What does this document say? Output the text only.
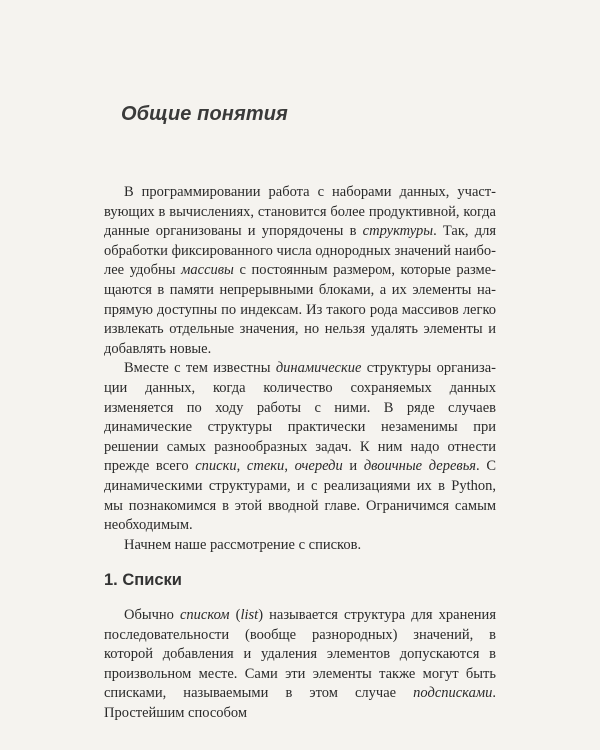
Общие понятия

В программировании работа с наборами данных, участвующих в вычислениях, становится более продуктивной, когда данные организованы и упорядочены в структуры. Так, для обработки фиксированного числа однородных значений наиболее удобны массивы с постоянным размером, которые размещаются в памяти непрерывными блоками, а их элементы напрямую доступны по индексам. Из такого рода массивов легко извлекать отдельные значения, но нельзя удалять элементы и добавлять новые.

Вместе с тем известны динамические структуры организации данных, когда количество сохраняемых данных изменяется по ходу работы с ними. В ряде случаев динамические структуры практически незаменимы при решении самых разнообразных задач. К ним надо отнести прежде всего списки, стеки, очереди и двоичные деревья. С динамическими структурами, и с реализациями их в Python, мы познакомимся в этой вводной главе. Ограничимся самым необходимым.

Начнем наше рассмотрение с списков.

1. Списки

Обычно списком (list) называется структура для хранения последовательности (вообще разнородных) значений, в которой добавления и удаления элементов допускаются в произвольном месте. Сами эти элементы также могут быть списками, называемыми в этом случае подсписками. Простейшим способом
